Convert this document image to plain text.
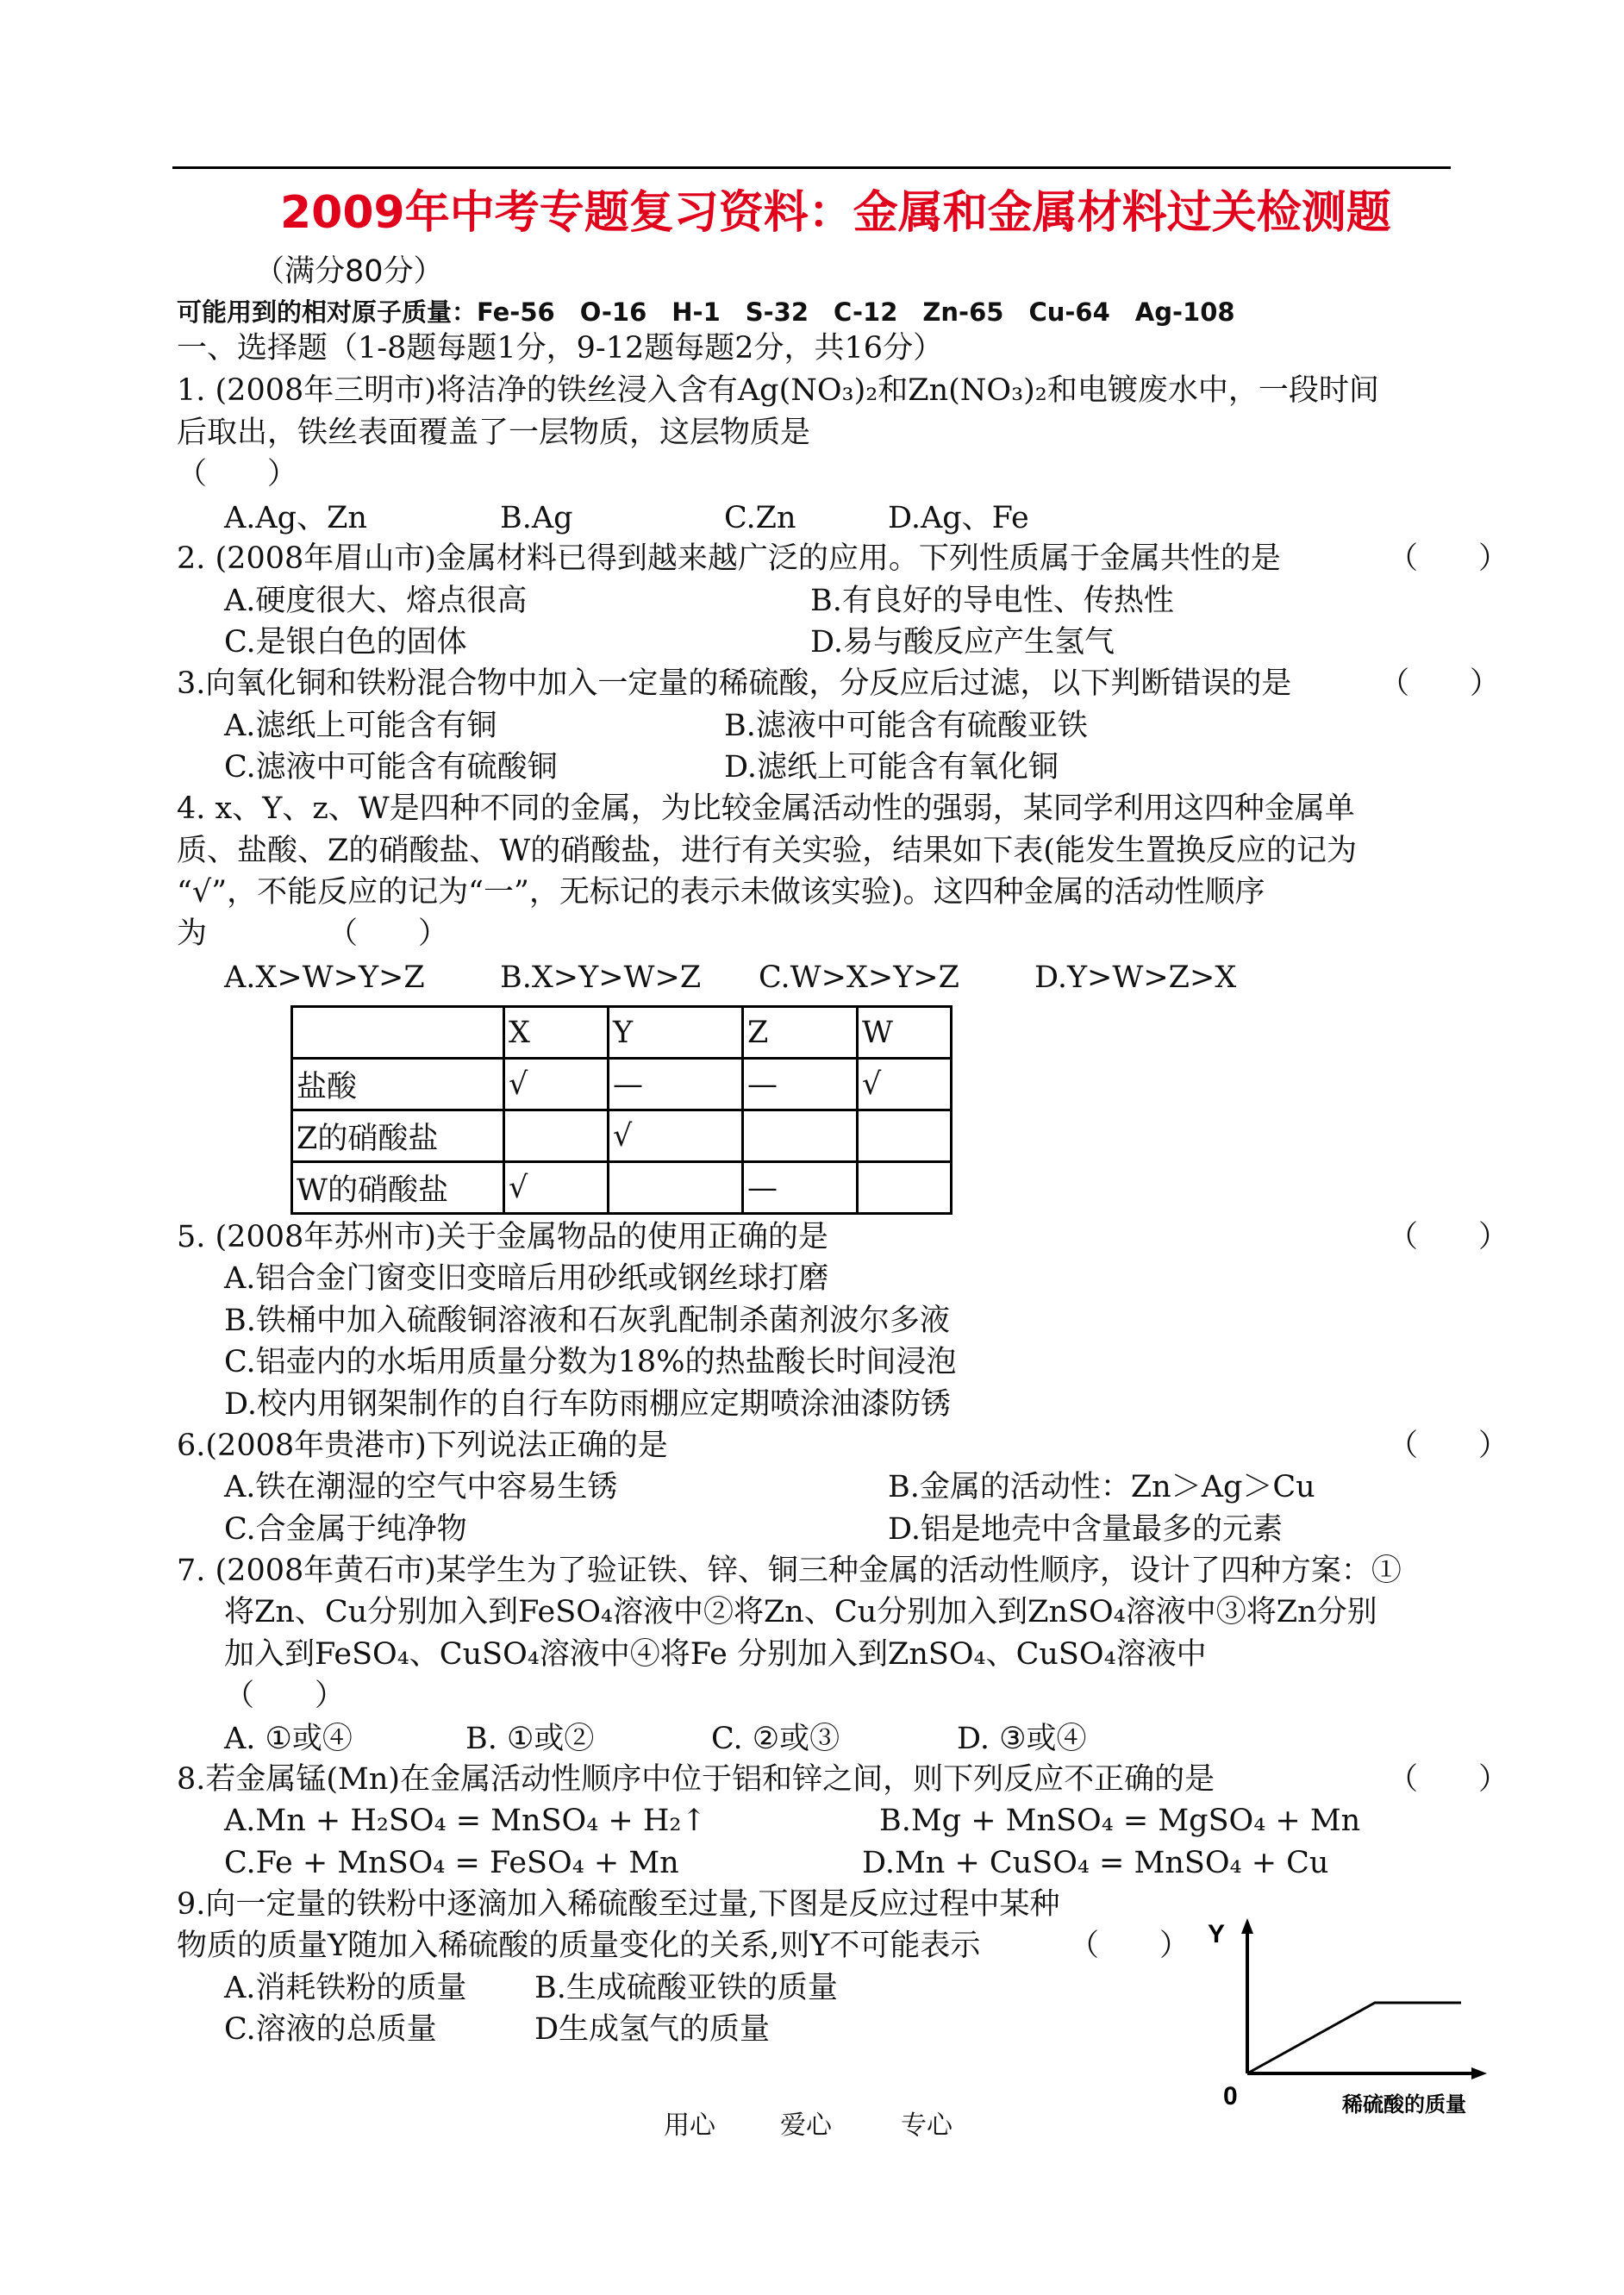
2009年中考专题复习资料：金属和金属材料过关检测题
（满分80分）
可能用到的相对原子质量：Fe-56　O-16　H-1　S-32　C-12　Zn-65　Cu-64　Ag-108
一、选择题（1-8题每题1分，9-12题每题2分，共16分）
1. (2008年三明市)将洁净的铁丝浸入含有Ag(NO₃)₂和Zn(NO₃)₂和电镀废水中，一段时间
后取出，铁丝表面覆盖了一层物质，这层物质是
（　　）
A.Ag、Zn	B.Ag	C.Zn	D.Ag、Fe
2. (2008年眉山市)金属材料已得到越来越广泛的应用。下列性质属于金属共性的是	（　　）
A.硬度很大、熔点很高	B.有良好的导电性、传热性
C.是银白色的固体	D.易与酸反应产生氢气
3.向氧化铜和铁粉混合物中加入一定量的稀硫酸，分反应后过滤，以下判断错误的是	（　　）
A.滤纸上可能含有铜	B.滤液中可能含有硫酸亚铁
C.滤液中可能含有硫酸铜	D.滤纸上可能含有氧化铜
4. x、Y、z、W是四种不同的金属，为比较金属活动性的强弱，某同学利用这四种金属单
质、盐酸、Z的硝酸盐、W的硝酸盐，进行有关实验，结果如下表(能发生置换反应的记为
“√”，不能反应的记为“一”，无标记的表示未做该实验)。这四种金属的活动性顺序
为	（　　）
A.X>W>Y>Z B.X>Y>W>Z C.W>X>Y>Z D.Y>W>Z>X
	X	Y	Z	W
盐酸	√	—	—	√
Z的硝酸盐		√		
W的硝酸盐	√		—	
5. (2008年苏州市)关于金属物品的使用正确的是	（　　）
A.铝合金门窗变旧变暗后用砂纸或钢丝球打磨
B.铁桶中加入硫酸铜溶液和石灰乳配制杀菌剂波尔多液
C.铝壶内的水垢用质量分数为18%的热盐酸长时间浸泡
D.校内用钢架制作的自行车防雨棚应定期喷涂油漆防锈
6.(2008年贵港市)下列说法正确的是	（　　）
A.铁在潮湿的空气中容易生锈	B.金属的活动性：Zn＞Ag＞Cu
C.合金属于纯净物	D.铝是地壳中含量最多的元素
7. (2008年黄石市)某学生为了验证铁、锌、铜三种金属的活动性顺序，设计了四种方案：①
将Zn、Cu分别加入到FeSO₄溶液中②将Zn、Cu分别加入到ZnSO₄溶液中③将Zn分别
加入到FeSO₄、CuSO₄溶液中④将Fe 分别加入到ZnSO₄、CuSO₄溶液中
（　　）
A. ①或④	B. ①或②	C. ②或③	D. ③或④
8.若金属锰(Mn)在金属活动性顺序中位于铝和锌之间，则下列反应不正确的是	（　　）
A.Mn + H₂SO₄ = MnSO₄ + H₂↑	B.Mg + MnSO₄ = MgSO₄ + Mn
C.Fe + MnSO₄ = FeSO₄ + Mn	D.Mn + CuSO₄ = MnSO₄ + Cu
9.向一定量的铁粉中逐滴加入稀硫酸至过量,下图是反应过程中某种
物质的质量Y随加入稀硫酸的质量变化的关系,则Y不可能表示	（　　）
A.消耗铁粉的质量 B.生成硫酸亚铁的质量
C.溶液的总质量	D生成氢气的质量
Y
0	稀硫酸的质量
用心	爱心	专心
